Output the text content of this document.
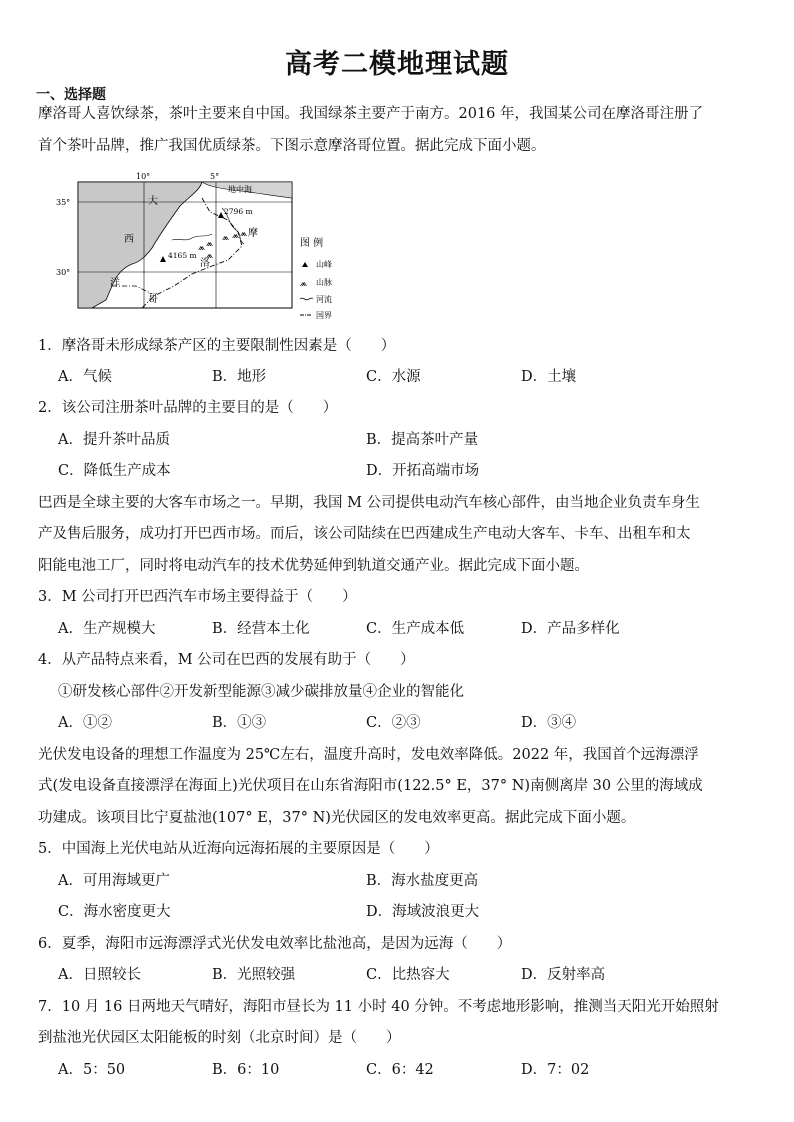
高考二模地理试题
一、选择题
摩洛哥人喜饮绿茶，茶叶主要来自中国。我国绿茶主要产于南方。2016 年，我国某公司在摩洛哥注册了
首个茶叶品牌，推广我国优质绿茶。下图示意摩洛哥位置。据此完成下面小题。
⩕ ⩕
⩕ ⩕ ⩕
⩕
2796 m
4165 m
大
西
洋
摩
洛
哥
地中海
10°	5°
35°
30°
图 例
山峰
⩕ 山脉
河流
国界
1．摩洛哥未形成绿茶产区的主要限制性因素是（　　）
A．气候	B．地形	C．水源	D．土壤
2．该公司注册茶叶品牌的主要目的是（　　）
A．提升茶叶品质	B．提高茶叶产量
C．降低生产成本	D．开拓高端市场
巴西是全球主要的大客车市场之一。早期，我国 M 公司提供电动汽车核心部件，由当地企业负责车身生
产及售后服务，成功打开巴西市场。而后，该公司陆续在巴西建成生产电动大客车、卡车、出租车和太
阳能电池工厂，同时将电动汽车的技术优势延伸到轨道交通产业。据此完成下面小题。
3．M 公司打开巴西汽车市场主要得益于（　　）
A．生产规模大	B．经营本土化	C．生产成本低	D．产品多样化
4．从产品特点来看，M 公司在巴西的发展有助于（　　）
①研发核心部件②开发新型能源③减少碳排放量④企业的智能化
A．①②	B．①③	C．②③	D．③④
光伏发电设备的理想工作温度为 25℃左右，温度升高时，发电效率降低。2022 年，我国首个远海漂浮
式(发电设备直接漂浮在海面上)光伏项目在山东省海阳市(122.5° E，37° N)南侧离岸 30 公里的海域成
功建成。该项目比宁夏盐池(107° E，37° N)光伏园区的发电效率更高。据此完成下面小题。
5．中国海上光伏电站从近海向远海拓展的主要原因是（　　）
A．可用海域更广	B．海水盐度更高
C．海水密度更大	D．海域波浪更大
6．夏季，海阳市远海漂浮式光伏发电效率比盐池高，是因为远海（　　）
A．日照较长	B．光照较强	C．比热容大	D．反射率高
7．10 月 16 日两地天气晴好，海阳市昼长为 11 小时 40 分钟。不考虑地形影响，推测当天阳光开始照射
到盐池光伏园区太阳能板的时刻（北京时间）是（　　）
A．5：50	B．6：10	C．6：42	D．7：02
